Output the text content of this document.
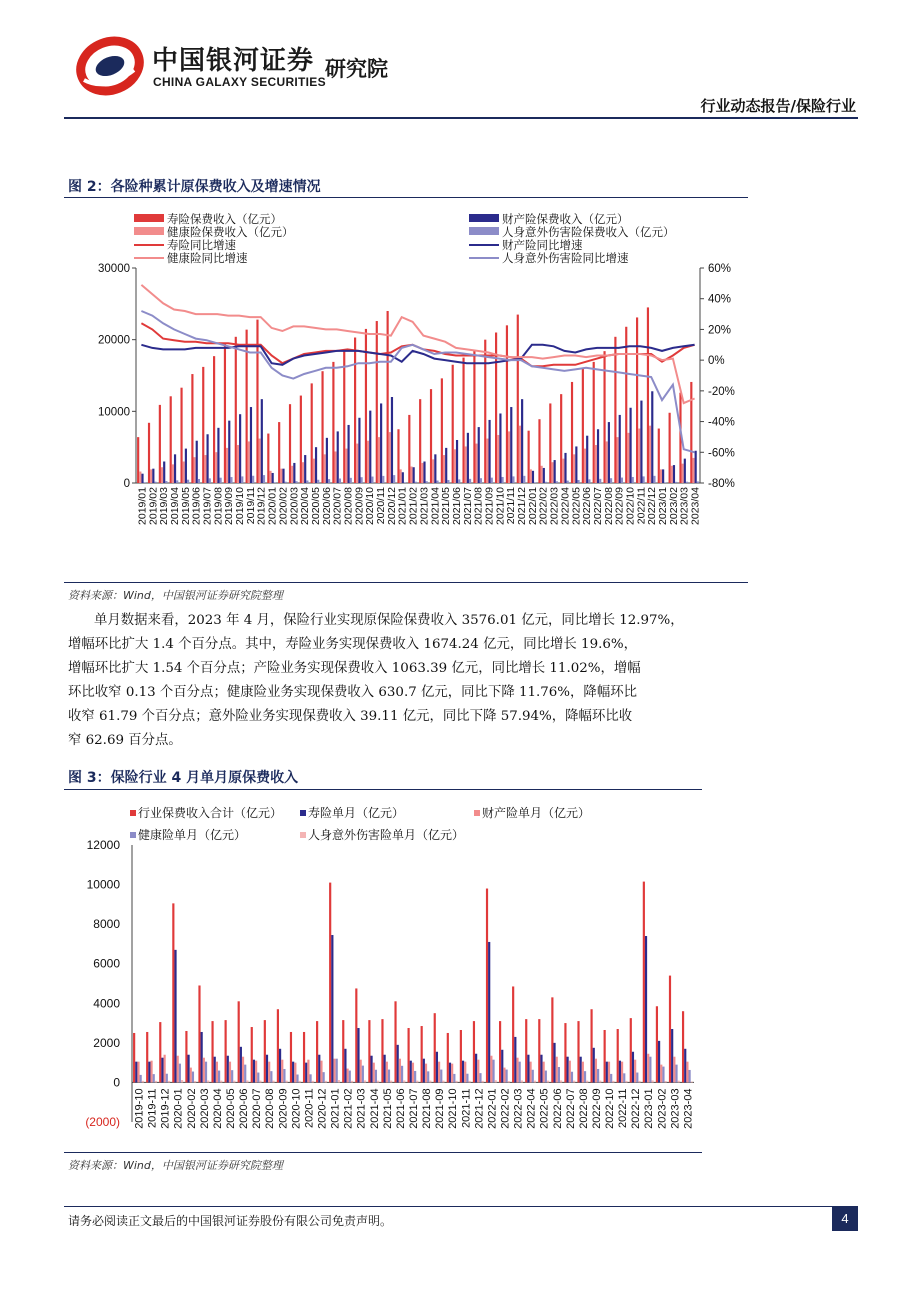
中国银河证券
CHINA GALAXY SECURITIES
研究院
行业动态报告/保险行业
图 2：各险种累计原保费收入及增速情况
寿险保费收入（亿元）	财产险保费收入（亿元）
健康险保费收入（亿元）	人身意外伤害险保费收入（亿元）
寿险同比增速	财产险同比增速
健康险同比增速	人身意外伤害险同比增速
0
10000
20000
30000
-80%
-60%
-40%
-20%
0%
20%
40%
60%
2019/01
2019/02
2019/03
2019/04
2019/05
2019/06
2019/07
2019/08
2019/09
2019/10
2019/11
2019/12
2020/01
2020/02
2020/03
2020/04
2020/05
2020/06
2020/07
2020/08
2020/09
2020/10
2020/11
2020/12
2021/01
2021/02
2021/03
2021/04
2021/05
2021/06
2021/07
2021/08
2021/09
2021/10
2021/11
2021/12
2022/01
2022/02
2022/03
2022/04
2022/05
2022/06
2022/07
2022/08
2022/09
2022/10
2022/11
2022/12
2023/01
2023/02
2023/03
2023/04
资料来源：Wind，中国银河证券研究院整理
单月数据来看，2023 年 4 月，保险行业实现原保险保费收入 3576.01 亿元，同比增长 12.97%，
增幅环比扩大 1.4 个百分点。其中，寿险业务实现保费收入 1674.24 亿元，同比增长 19.6%，
增幅环比扩大 1.54 个百分点；产险业务实现保费收入 1063.39 亿元，同比增长 11.02%，增幅
环比收窄 0.13 个百分点；健康险业务实现保费收入 630.7 亿元，同比下降 11.76%，降幅环比
收窄 61.79 个百分点；意外险业务实现保费收入 39.11 亿元，同比下降 57.94%，降幅环比收
窄 62.69 百分点。
图 3：保险行业 4 月单月原保费收入
行业保费收入合计（亿元） 寿险单月（亿元）	财产险单月（亿元）
健康险单月（亿元）	人身意外伤害险单月（亿元）
(2000)
0
2000
4000
6000
8000
10000
12000
2019-10 2019-11 2019-12 2020-01 2020-02 2020-03 2020-04 2020-05 2020-06 2020-07 2020-08 2020-09 2020-10 2020-11 2020-12 2021-01 2021-02 2021-03 2021-04 2021-05 2021-06 2021-07 2021-08 2021-09 2021-10 2021-11 2021-12 2022-01 2022-02 2022-03 2022-04 2022-05 2022-06 2022-07 2022-08 2022-09 2022-10 2022-11 2022-12 2023-01 2023-02 2023-03 2023-04
资料来源：Wind，中国银河证券研究院整理
请务必阅读正文最后的中国银河证券股份有限公司免责声明。	4
